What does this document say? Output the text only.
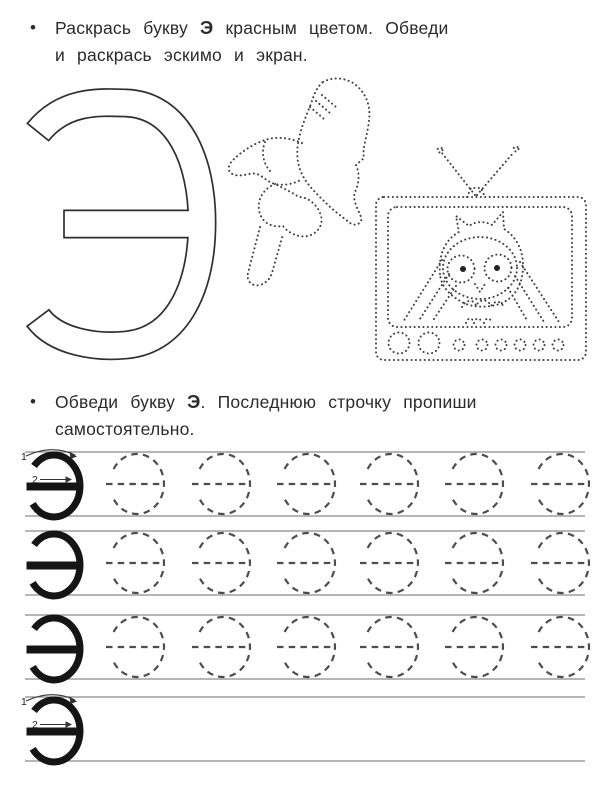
2 •	Раскрась букву Э красным цветом. Обведи
и раскрась эскимо и экран.
•	Обведи букву Э. Последнюю строчку пропиши
самостоятельно.
